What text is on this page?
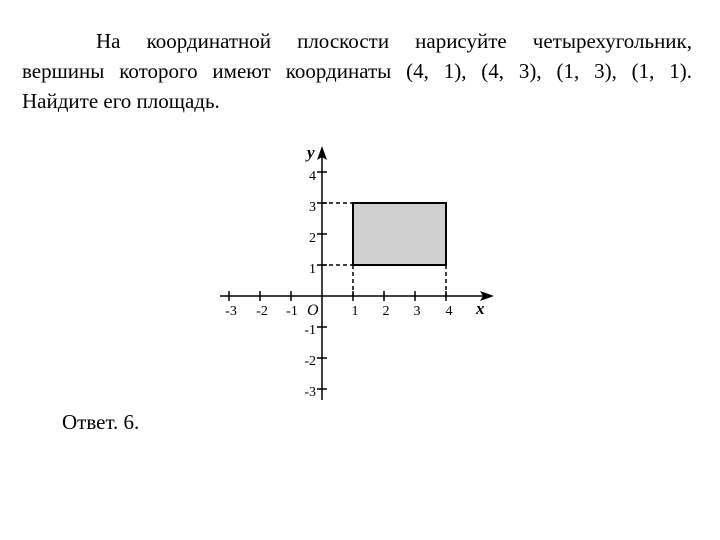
На координатной плоскости нарисуйте четырехугольник,
вершины которого имеют координаты (4, 1), (4, 3), (1, 3), (1, 1).
Найдите его площадь.
-3 -2 -1	1 2 3 4
4
3
2
1
-1
-2
-3
O	x
y
Ответ. 6.
